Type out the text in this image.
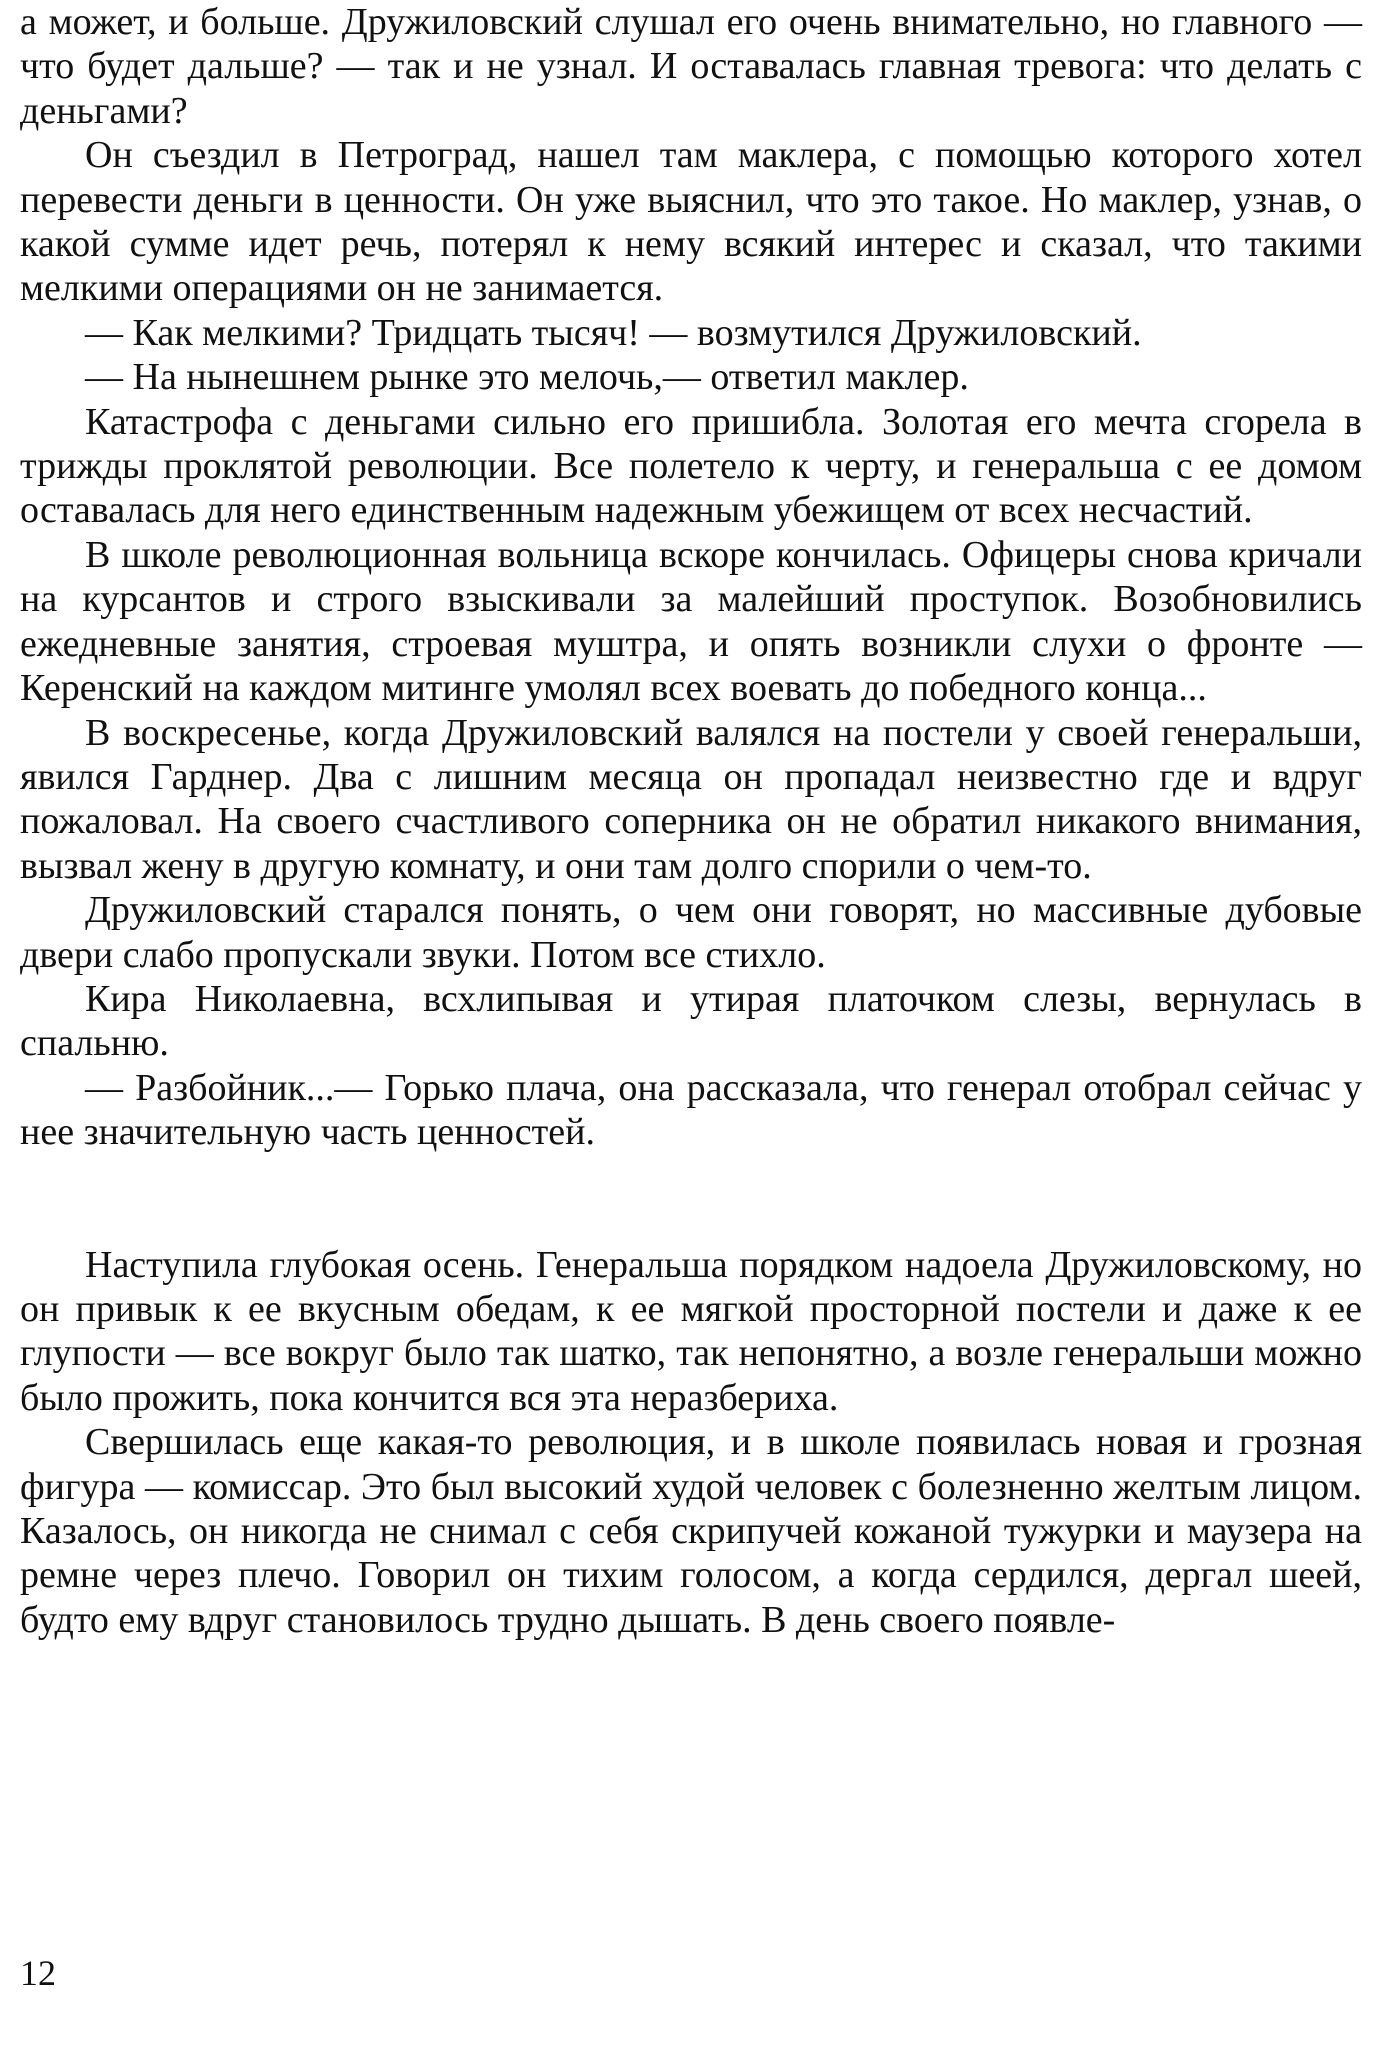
а может, и больше. Дружиловский слушал его очень внимательно, но главного — что будет дальше? — так и не узнал. И оставалась главная тревога: что делать с деньгами?

Он съездил в Петроград, нашел там маклера, с помощью которого хотел перевести деньги в ценности. Он уже выяснил, что это такое. Но маклер, узнав, о какой сумме идет речь, потерял к нему всякий интерес и сказал, что такими мелкими операциями он не занимается.

— Как мелкими? Тридцать тысяч! — возмутился Дружиловский.

— На нынешнем рынке это мелочь,— ответил маклер.

Катастрофа с деньгами сильно его пришибла. Золотая его мечта сгорела в трижды проклятой революции. Все полетело к черту, и генеральша с ее домом оставалась для него единственным надежным убежищем от всех несчастий.

В школе революционная вольница вскоре кончилась. Офицеры снова кричали на курсантов и строго взыскивали за малейший проступок. Возобновились ежедневные занятия, строевая муштра, и опять возникли слухи о фронте — Керенский на каждом митинге умолял всех воевать до победного конца...

В воскресенье, когда Дружиловский валялся на постели у своей генеральши, явился Гарднер. Два с лишним месяца он пропадал неизвестно где и вдруг пожаловал. На своего счастливого соперника он не обратил никакого внимания, вызвал жену в другую комнату, и они там долго спорили о чем-то.

Дружиловский старался понять, о чем они говорят, но массивные дубовые двери слабо пропускали звуки. Потом все стихло.

Кира Николаевна, всхлипывая и утирая платочком слезы, вернулась в спальню.

— Разбойник...— Горько плача, она рассказала, что генерал отобрал сейчас у нее значительную часть ценностей.

Наступила глубокая осень. Генеральша порядком надоела Дружиловскому, но он привык к ее вкусным обедам, к ее мягкой просторной постели и даже к ее глупости — все вокруг было так шатко, так непонятно, а возле генеральши можно было прожить, пока кончится вся эта неразбериха.

Свершилась еще какая-то революция, и в школе появилась новая и грозная фигура — комиссар. Это был высокий худой человек с болезненно желтым лицом. Казалось, он никогда не снимал с себя скрипучей кожаной тужурки и маузера на ремне через плечо. Говорил он тихим голосом, а когда сердился, дергал шеей, будто ему вдруг становилось трудно дышать. В день своего появле-

12
